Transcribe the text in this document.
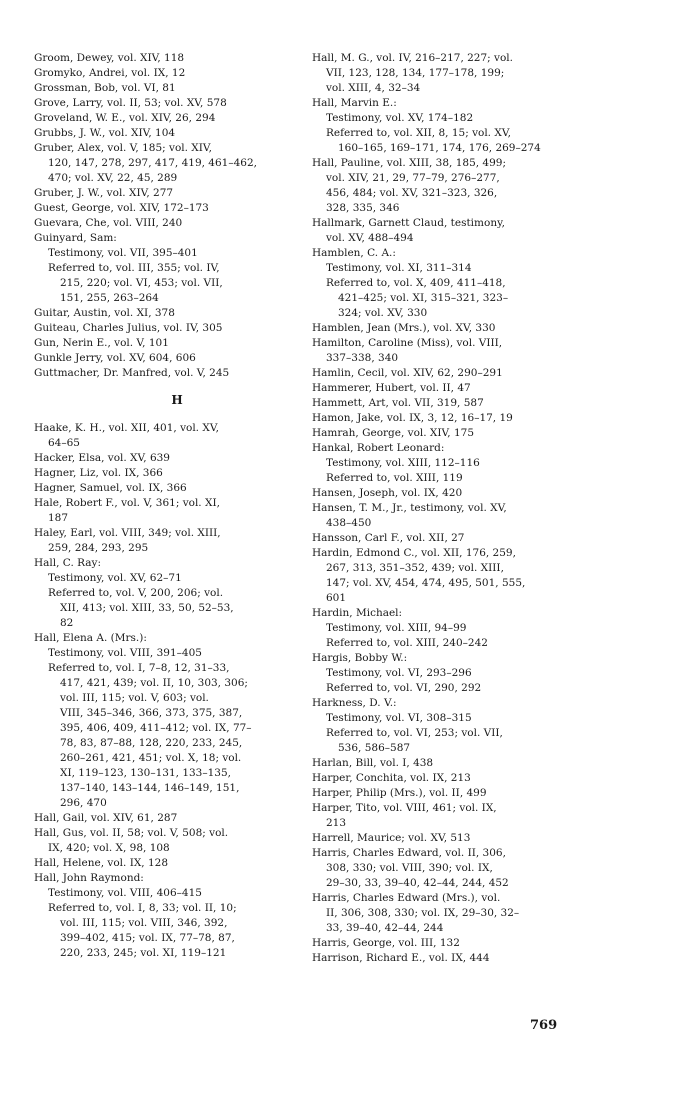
Groom, Dewey, vol. XIV, 118
Gromyko, Andrei, vol. IX, 12
Grossman, Bob, vol. VI, 81
Grove, Larry, vol. II, 53; vol. XV, 578
Groveland, W. E., vol. XIV, 26, 294
Grubbs, J. W., vol. XIV, 104
Gruber, Alex, vol. V, 185; vol. XIV,
120, 147, 278, 297, 417, 419, 461–462,
470; vol. XV, 22, 45, 289
Gruber, J. W., vol. XIV, 277
Guest, George, vol. XIV, 172–173
Guevara, Che, vol. VIII, 240
Guinyard, Sam:
Testimony, vol. VII, 395–401
Referred to, vol. III, 355; vol. IV,
215, 220; vol. VI, 453; vol. VII,
151, 255, 263–264
Guitar, Austin, vol. XI, 378
Guiteau, Charles Julius, vol. IV, 305
Gun, Nerin E., vol. V, 101
Gunkle Jerry, vol. XV, 604, 606
Guttmacher, Dr. Manfred, vol. V, 245
H
Haake, K. H., vol. XII, 401, vol. XV,
64–65
Hacker, Elsa, vol. XV, 639
Hagner, Liz, vol. IX, 366
Hagner, Samuel, vol. IX, 366
Hale, Robert F., vol. V, 361; vol. XI,
187
Haley, Earl, vol. VIII, 349; vol. XIII,
259, 284, 293, 295
Hall, C. Ray:
Testimony, vol. XV, 62–71
Referred to, vol. V, 200, 206; vol.
XII, 413; vol. XIII, 33, 50, 52–53,
82
Hall, Elena A. (Mrs.):
Testimony, vol. VIII, 391–405
Referred to, vol. I, 7–8, 12, 31–33,
417, 421, 439; vol. II, 10, 303, 306;
vol. III, 115; vol. V, 603; vol.
VIII, 345–346, 366, 373, 375, 387,
395, 406, 409, 411–412; vol. IX, 77–
78, 83, 87–88, 128, 220, 233, 245,
260–261, 421, 451; vol. X, 18; vol.
XI, 119–123, 130–131, 133–135,
137–140, 143–144, 146–149, 151,
296, 470
Hall, Gail, vol. XIV, 61, 287
Hall, Gus, vol. II, 58; vol. V, 508; vol.
IX, 420; vol. X, 98, 108
Hall, Helene, vol. IX, 128
Hall, John Raymond:
Testimony, vol. VIII, 406–415
Referred to, vol. I, 8, 33; vol. II, 10;
vol. III, 115; vol. VIII, 346, 392,
399–402, 415; vol. IX, 77–78, 87,
220, 233, 245; vol. XI, 119–121
Hall, M. G., vol. IV, 216–217, 227; vol.
VII, 123, 128, 134, 177–178, 199;
vol. XIII, 4, 32–34
Hall, Marvin E.:
Testimony, vol. XV, 174–182
Referred to, vol. XII, 8, 15; vol. XV,
160–165, 169–171, 174, 176, 269–274
Hall, Pauline, vol. XIII, 38, 185, 499;
vol. XIV, 21, 29, 77–79, 276–277,
456, 484; vol. XV, 321–323, 326,
328, 335, 346
Hallmark, Garnett Claud, testimony,
vol. XV, 488–494
Hamblen, C. A.:
Testimony, vol. XI, 311–314
Referred to, vol. X, 409, 411–418,
421–425; vol. XI, 315–321, 323–
324; vol. XV, 330
Hamblen, Jean (Mrs.), vol. XV, 330
Hamilton, Caroline (Miss), vol. VIII,
337–338, 340
Hamlin, Cecil, vol. XIV, 62, 290–291
Hammerer, Hubert, vol. II, 47
Hammett, Art, vol. VII, 319, 587
Hamon, Jake, vol. IX, 3, 12, 16–17, 19
Hamrah, George, vol. XIV, 175
Hankal, Robert Leonard:
Testimony, vol. XIII, 112–116
Referred to, vol. XIII, 119
Hansen, Joseph, vol. IX, 420
Hansen, T. M., Jr., testimony, vol. XV,
438–450
Hansson, Carl F., vol. XII, 27
Hardin, Edmond C., vol. XII, 176, 259,
267, 313, 351–352, 439; vol. XIII,
147; vol. XV, 454, 474, 495, 501, 555,
601
Hardin, Michael:
Testimony, vol. XIII, 94–99
Referred to, vol. XIII, 240–242
Hargis, Bobby W.:
Testimony, vol. VI, 293–296
Referred to, vol. VI, 290, 292
Harkness, D. V.:
Testimony, vol. VI, 308–315
Referred to, vol. VI, 253; vol. VII,
536, 586–587
Harlan, Bill, vol. I, 438
Harper, Conchita, vol. IX, 213
Harper, Philip (Mrs.), vol. II, 499
Harper, Tito, vol. VIII, 461; vol. IX,
213
Harrell, Maurice; vol. XV, 513
Harris, Charles Edward, vol. II, 306,
308, 330; vol. VIII, 390; vol. IX,
29–30, 33, 39–40, 42–44, 244, 452
Harris, Charles Edward (Mrs.), vol.
II, 306, 308, 330; vol. IX, 29–30, 32–
33, 39–40, 42–44, 244
Harris, George, vol. III, 132
Harrison, Richard E., vol. IX, 444
769
